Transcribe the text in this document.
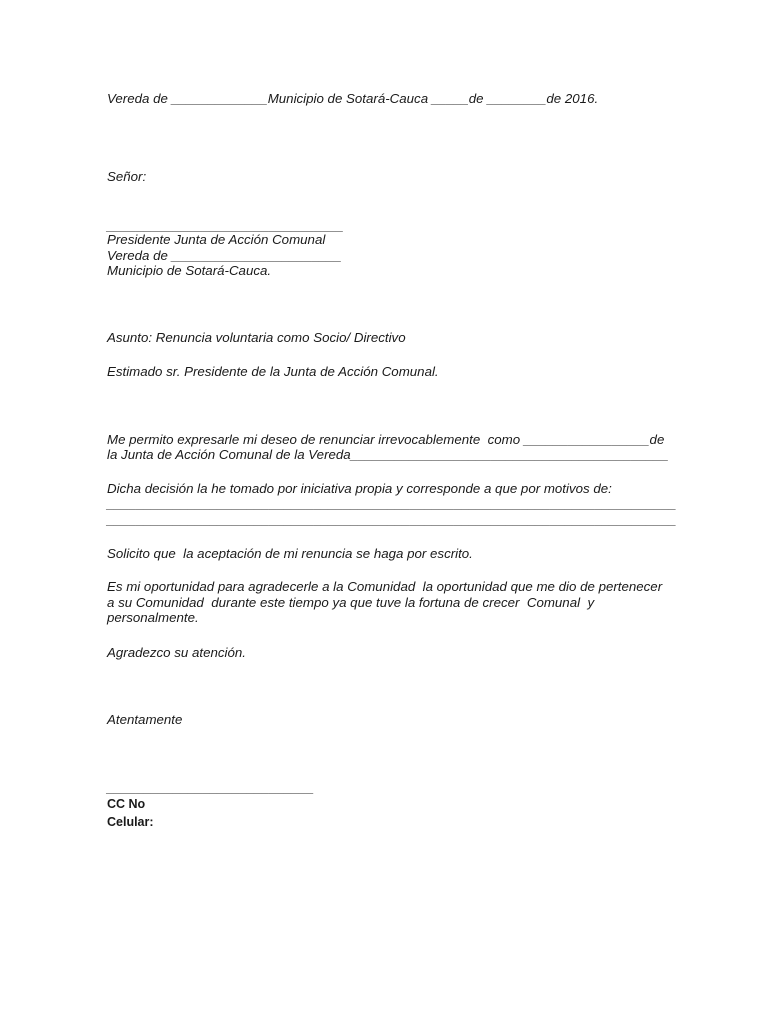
Vereda de _____________Municipio de Sotará-Cauca _____de ________de 2016.
Señor:
________________________________
Presidente Junta de Acción Comunal
Vereda de _______________________
Municipio de Sotará-Cauca.
Asunto: Renuncia voluntaria como Socio/ Directivo
Estimado sr. Presidente de la Junta de Acción Comunal.
Me permito expresarle mi deseo de renunciar irrevocablemente  como _________________de
la Junta de Acción Comunal de la Vereda___________________________________________
Dicha decisión la he tomado por iniciativa propia y corresponde a que por motivos de:
_____________________________________________________________________________
_____________________________________________________________________________
Solicito que  la aceptación de mi renuncia se haga por escrito.
Es mi oportunidad para agradecerle a la Comunidad  la oportunidad que me dio de pertenecer
a su Comunidad  durante este tiempo ya que tuve la fortuna de crecer  Comunal  y
personalmente.
Agradezco su atención.
Atentamente
____________________________
CC No
Celular:
